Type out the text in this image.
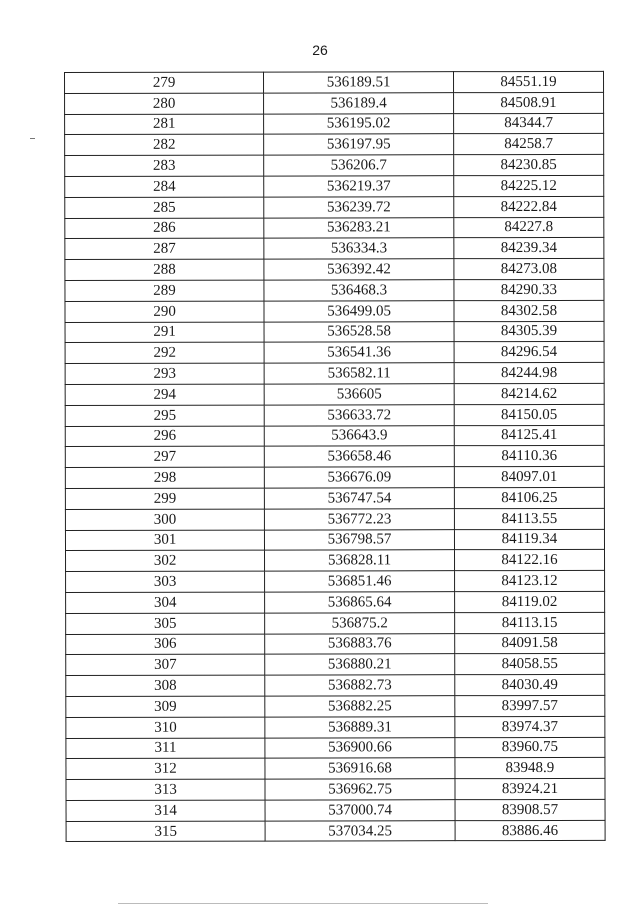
26
279	536189.51	84551.19
280	536189.4	84508.91
281	536195.02	84344.7
282	536197.95	84258.7
283	536206.7	84230.85
284	536219.37	84225.12
285	536239.72	84222.84
286	536283.21	84227.8
287	536334.3	84239.34
288	536392.42	84273.08
289	536468.3	84290.33
290	536499.05	84302.58
291	536528.58	84305.39
292	536541.36	84296.54
293	536582.11	84244.98
294	536605	84214.62
295	536633.72	84150.05
296	536643.9	84125.41
297	536658.46	84110.36
298	536676.09	84097.01
299	536747.54	84106.25
300	536772.23	84113.55
301	536798.57	84119.34
302	536828.11	84122.16
303	536851.46	84123.12
304	536865.64	84119.02
305	536875.2	84113.15
306	536883.76	84091.58
307	536880.21	84058.55
308	536882.73	84030.49
309	536882.25	83997.57
310	536889.31	83974.37
311	536900.66	83960.75
312	536916.68	83948.9
313	536962.75	83924.21
314	537000.74	83908.57
315	537034.25	83886.46
